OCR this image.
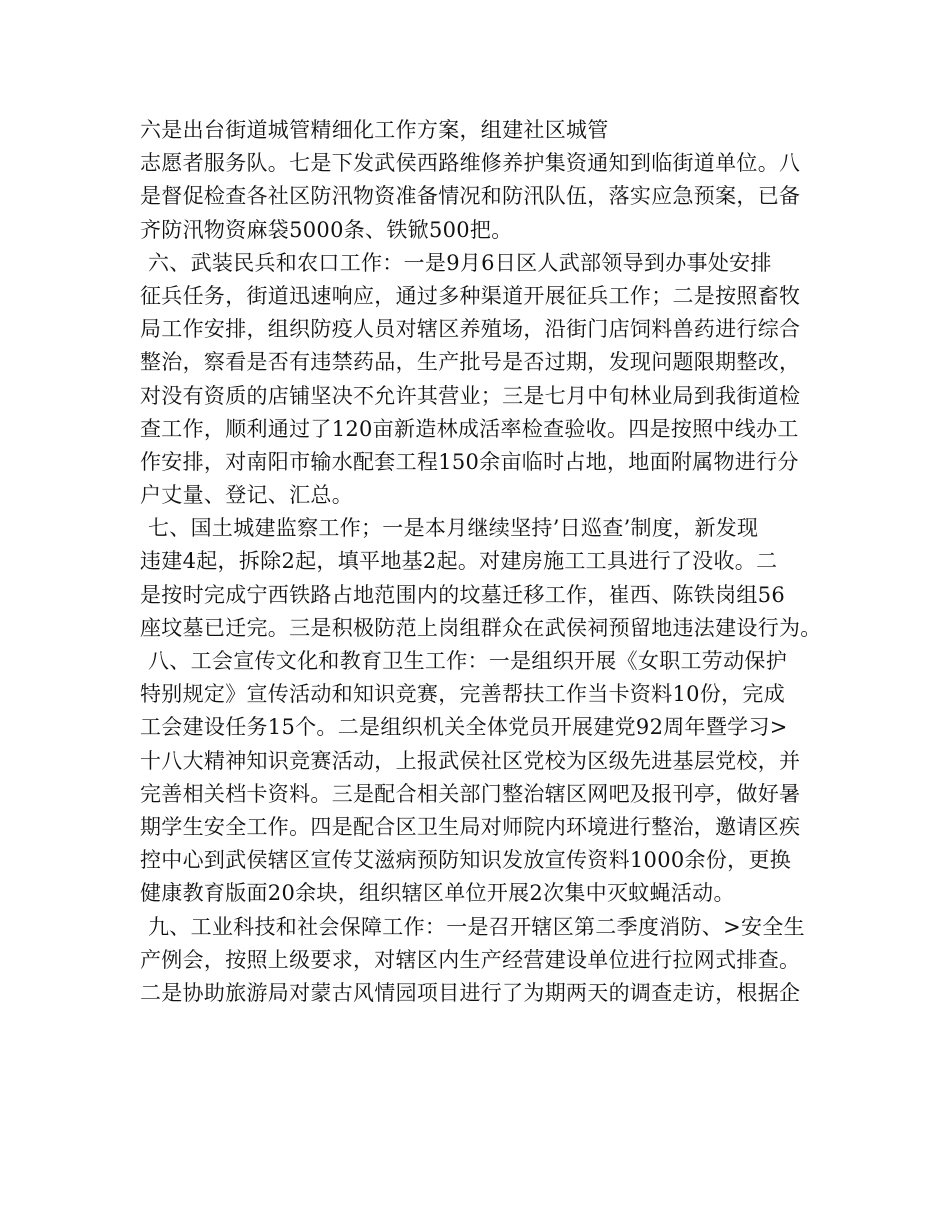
六是出台街道城管精细化工作方案，组建社区城管
志愿者服务队。七是下发武侯西路维修养护集资通知到临街道单位。八
是督促检查各社区防汛物资准备情况和防汛队伍，落实应急预案，已备
齐防汛物资麻袋5000条、铁锨500把。
六、武装民兵和农口工作：一是9月6日区人武部领导到办事处安排
征兵任务，街道迅速响应，通过多种渠道开展征兵工作；二是按照畜牧
局工作安排，组织防疫人员对辖区养殖场，沿街门店饲料兽药进行综合
整治，察看是否有违禁药品，生产批号是否过期，发现问题限期整改，
对没有资质的店铺坚决不允许其营业；三是七月中旬林业局到我街道检
查工作，顺利通过了120亩新造林成活率检查验收。四是按照中线办工
作安排，对南阳市输水配套工程150余亩临时占地，地面附属物进行分
户丈量、登记、汇总。
七、国土城建监察工作；一是本月继续坚持’日巡查’制度，新发现
违建4起，拆除2起，填平地基2起。对建房施工工具进行了没收。二
是按时完成宁西铁路占地范围内的坟墓迁移工作，崔西、陈铁岗组56
座坟墓已迁完。三是积极防范上岗组群众在武侯祠预留地违法建设行为。
八、工会宣传文化和教育卫生工作：一是组织开展《女职工劳动保护
特别规定》宣传活动和知识竞赛，完善帮扶工作当卡资料10份，完成
工会建设任务15个。二是组织机关全体党员开展建党92周年暨学习>
十八大精神知识竞赛活动，上报武侯社区党校为区级先进基层党校，并
完善相关档卡资料。三是配合相关部门整治辖区网吧及报刊亭，做好暑
期学生安全工作。四是配合区卫生局对师院内环境进行整治，邀请区疾
控中心到武侯辖区宣传艾滋病预防知识发放宣传资料1000余份，更换
健康教育版面20余块，组织辖区单位开展2次集中灭蚊蝇活动。
九、工业科技和社会保障工作：一是召开辖区第二季度消防、>安全生
产例会，按照上级要求，对辖区内生产经营建设单位进行拉网式排查。
二是协助旅游局对蒙古风情园项目进行了为期两天的调查走访，根据企
